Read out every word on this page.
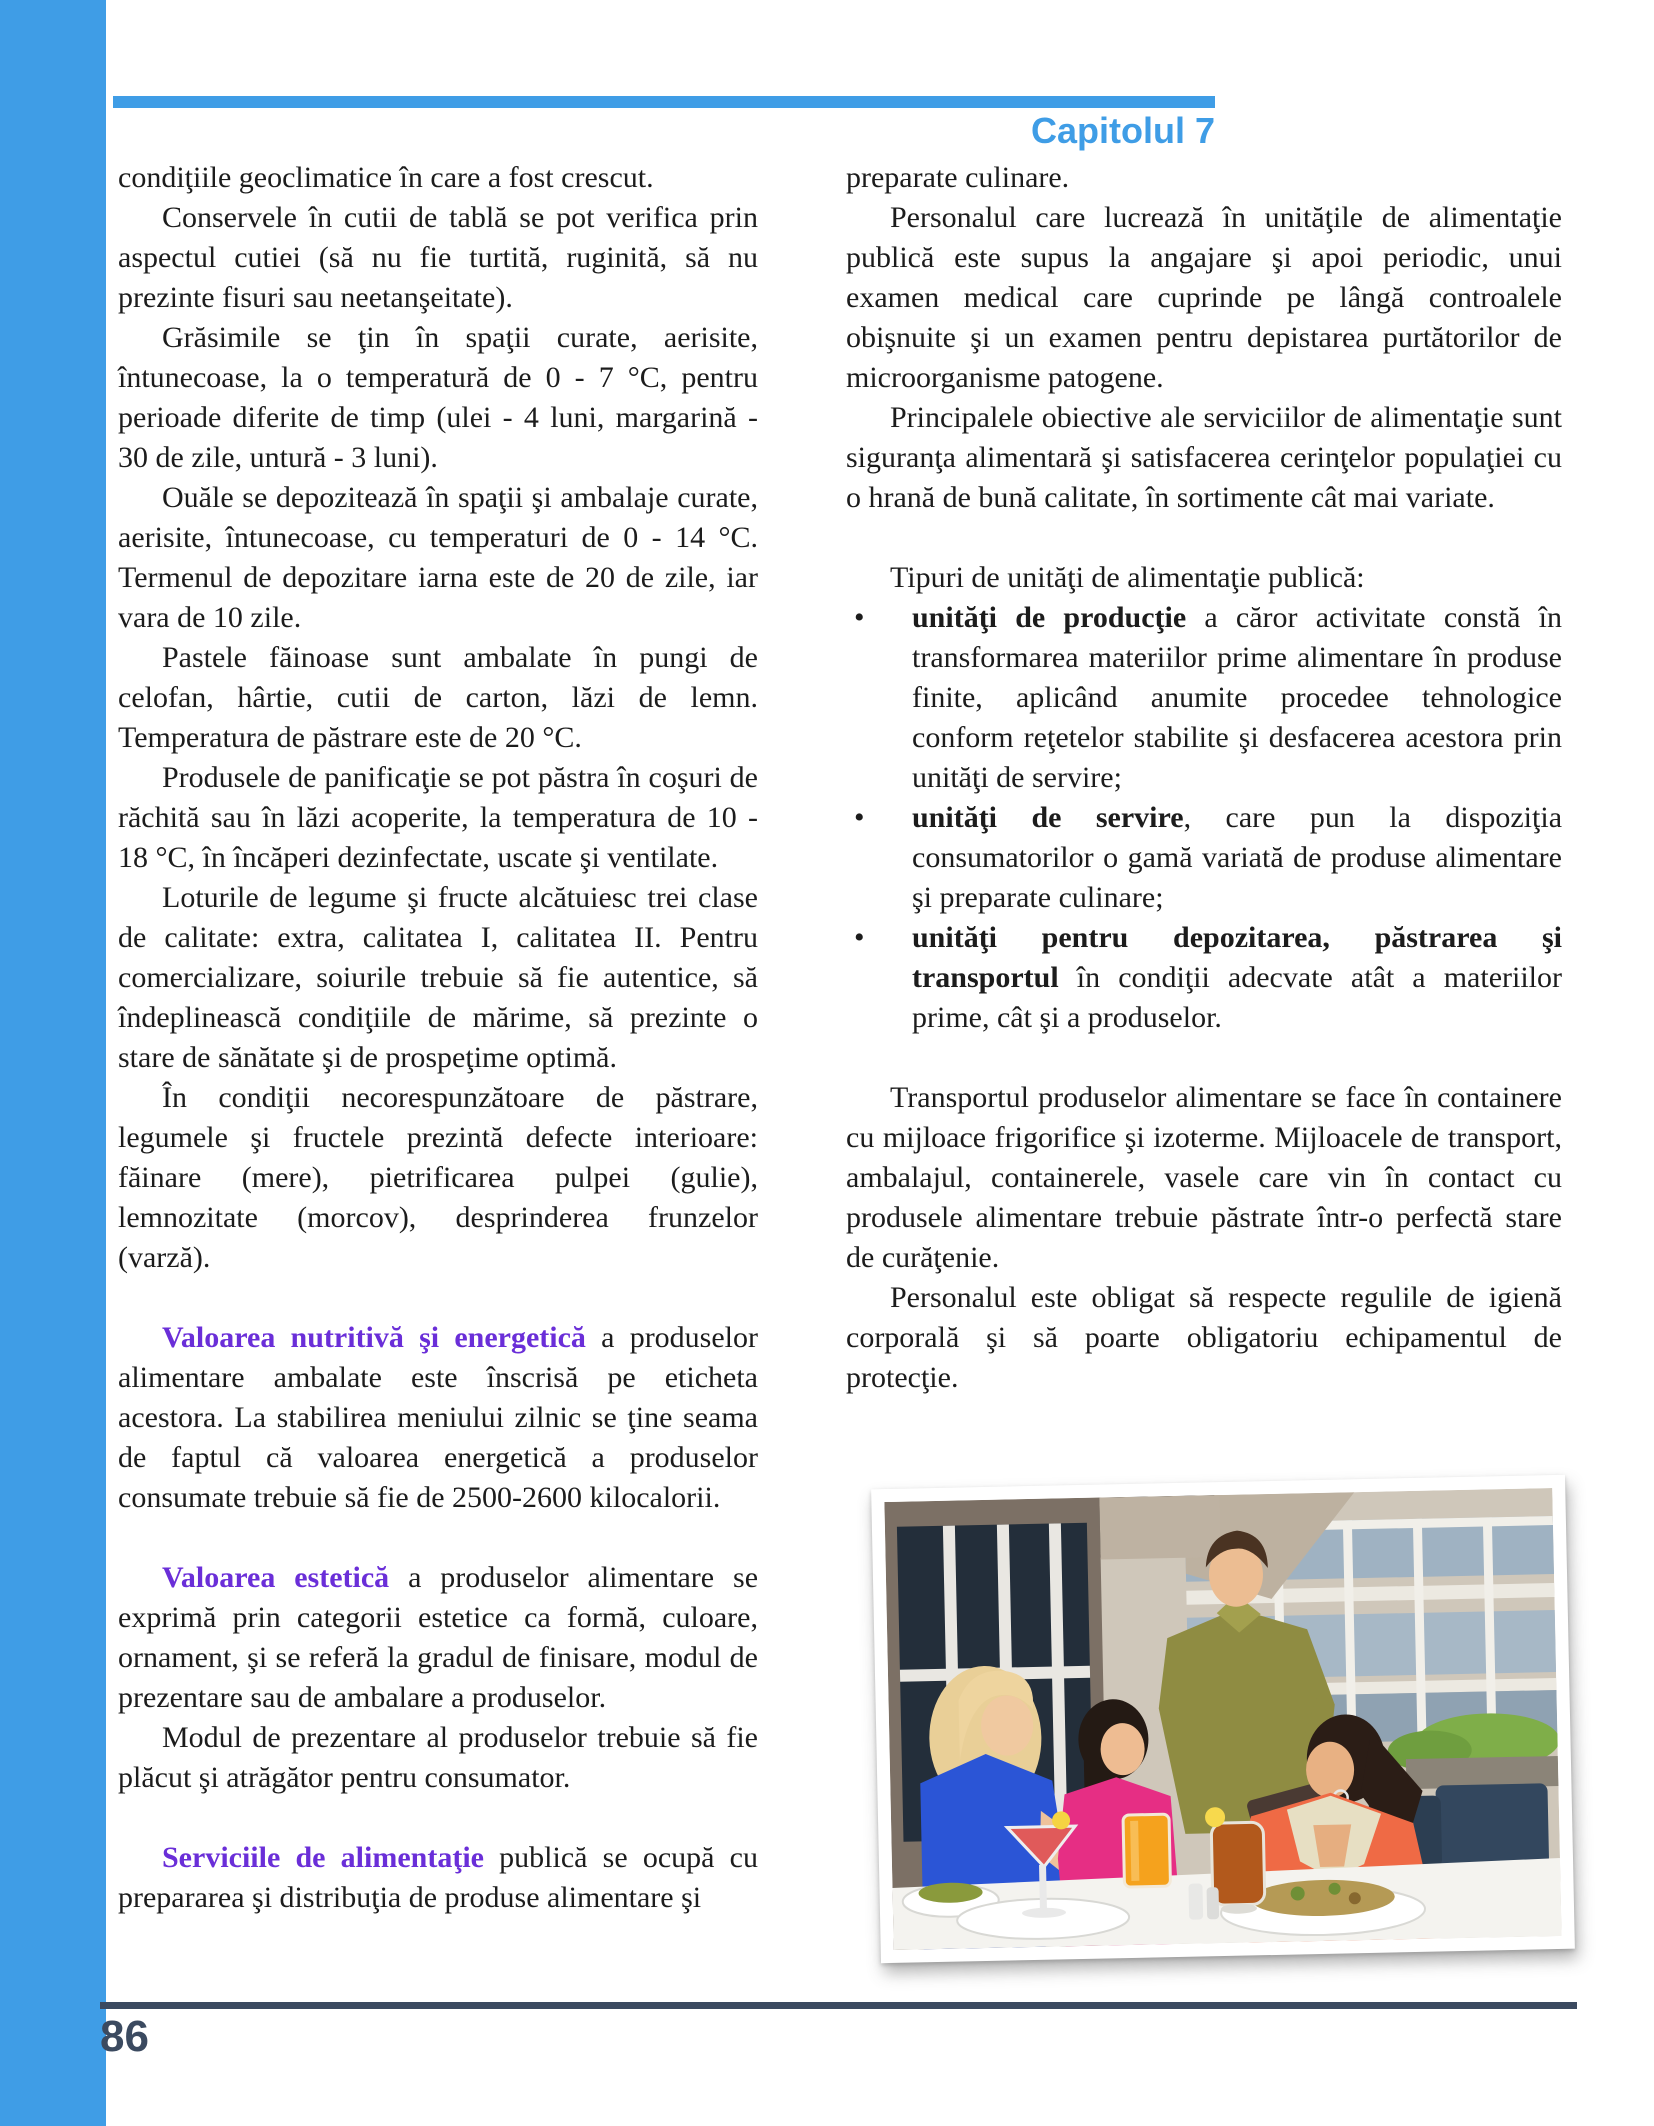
Capitolul 7

condiţiile geoclimatice în care a fost crescut.

Conservele în cutii de tablă se pot verifica prin aspectul cutiei (să nu fie turtită, ruginită, să nu prezinte fisuri sau neetanşeitate).

Grăsimile se ţin în spaţii curate, aerisite, întunecoase, la o temperatură de 0 - 7 °C, pentru perioade diferite de timp (ulei - 4 luni, margarină - 30 de zile, untură - 3 luni).

Ouăle se depozitează în spaţii şi ambalaje curate, aerisite, întunecoase, cu temperaturi de 0 - 14 °C. Termenul de depozitare iarna este de 20 de zile, iar vara de 10 zile.

Pastele făinoase sunt ambalate în pungi de celofan, hârtie, cutii de carton, lăzi de lemn. Temperatura de păstrare este de 20 °C.

Produsele de panificaţie se pot păstra în coşuri de răchită sau în lăzi acoperite, la temperatura de 10 - 18 °C, în încăperi dezinfectate, uscate şi ventilate.

Loturile de legume şi fructe alcătuiesc trei clase de calitate: extra, calitatea I, calitatea II. Pentru comercializare, soiurile trebuie să fie autentice, să îndeplinească condiţiile de mărime, să prezinte o stare de sănătate şi de prospeţime optimă.

În condiţii necorespunzătoare de păstrare, legumele şi fructele prezintă defecte interioare: făinare (mere), pietrificarea pulpei (gulie), lemnozitate (morcov), desprinderea frunzelor (varză).

Valoarea nutritivă şi energetică a produselor alimentare ambalate este înscrisă pe eticheta acestora. La stabilirea meniului zilnic se ţine seama de faptul că valoarea energetică a produselor consumate trebuie să fie de 2500-2600 kilocalorii.

Valoarea estetică a produselor alimentare se exprimă prin categorii estetice ca formă, culoare, ornament, şi se referă la gradul de finisare, modul de prezentare sau de ambalare a produselor.

Modul de prezentare al produselor trebuie să fie plăcut şi atrăgător pentru consumator.

Serviciile de alimentaţie publică se ocupă cu prepararea şi distribuţia de produse alimentare şi

preparate culinare.

Personalul care lucrează în unităţile de alimentaţie publică este supus la angajare şi apoi periodic, unui examen medical care cuprinde pe lângă controalele obişnuite şi un examen pentru depistarea purtătorilor de microorganisme patogene.

Principalele obiective ale serviciilor de alimentaţie sunt siguranţa alimentară şi satisfacerea cerinţelor populaţiei cu o hrană de bună calitate, în sortimente cât mai variate.

Tipuri de unităţi de alimentaţie publică:

•	unităţi de producţie a căror activitate constă în transformarea materiilor prime alimentare în produse finite, aplicând anumite procedee tehnologice conform reţetelor stabilite şi desfacerea acestora prin unităţi de servire;
•	unităţi de servire, care pun la dispoziţia consumatorilor o gamă variată de produse alimentare şi preparate culinare;
•	unităţi pentru depozitarea, păstrarea şi transportul în condiţii adecvate atât a materiilor prime, cât şi a produselor.

Transportul produselor alimentare se face în containere cu mijloace frigorifice şi izoterme. Mijloacele de transport, ambalajul, containerele, vasele care vin în contact cu produsele alimentare trebuie păstrate într-o perfectă stare de curăţenie.

Personalul este obligat să respecte regulile de igienă corporală şi să poarte obligatoriu echipamentul de protecţie.

86
